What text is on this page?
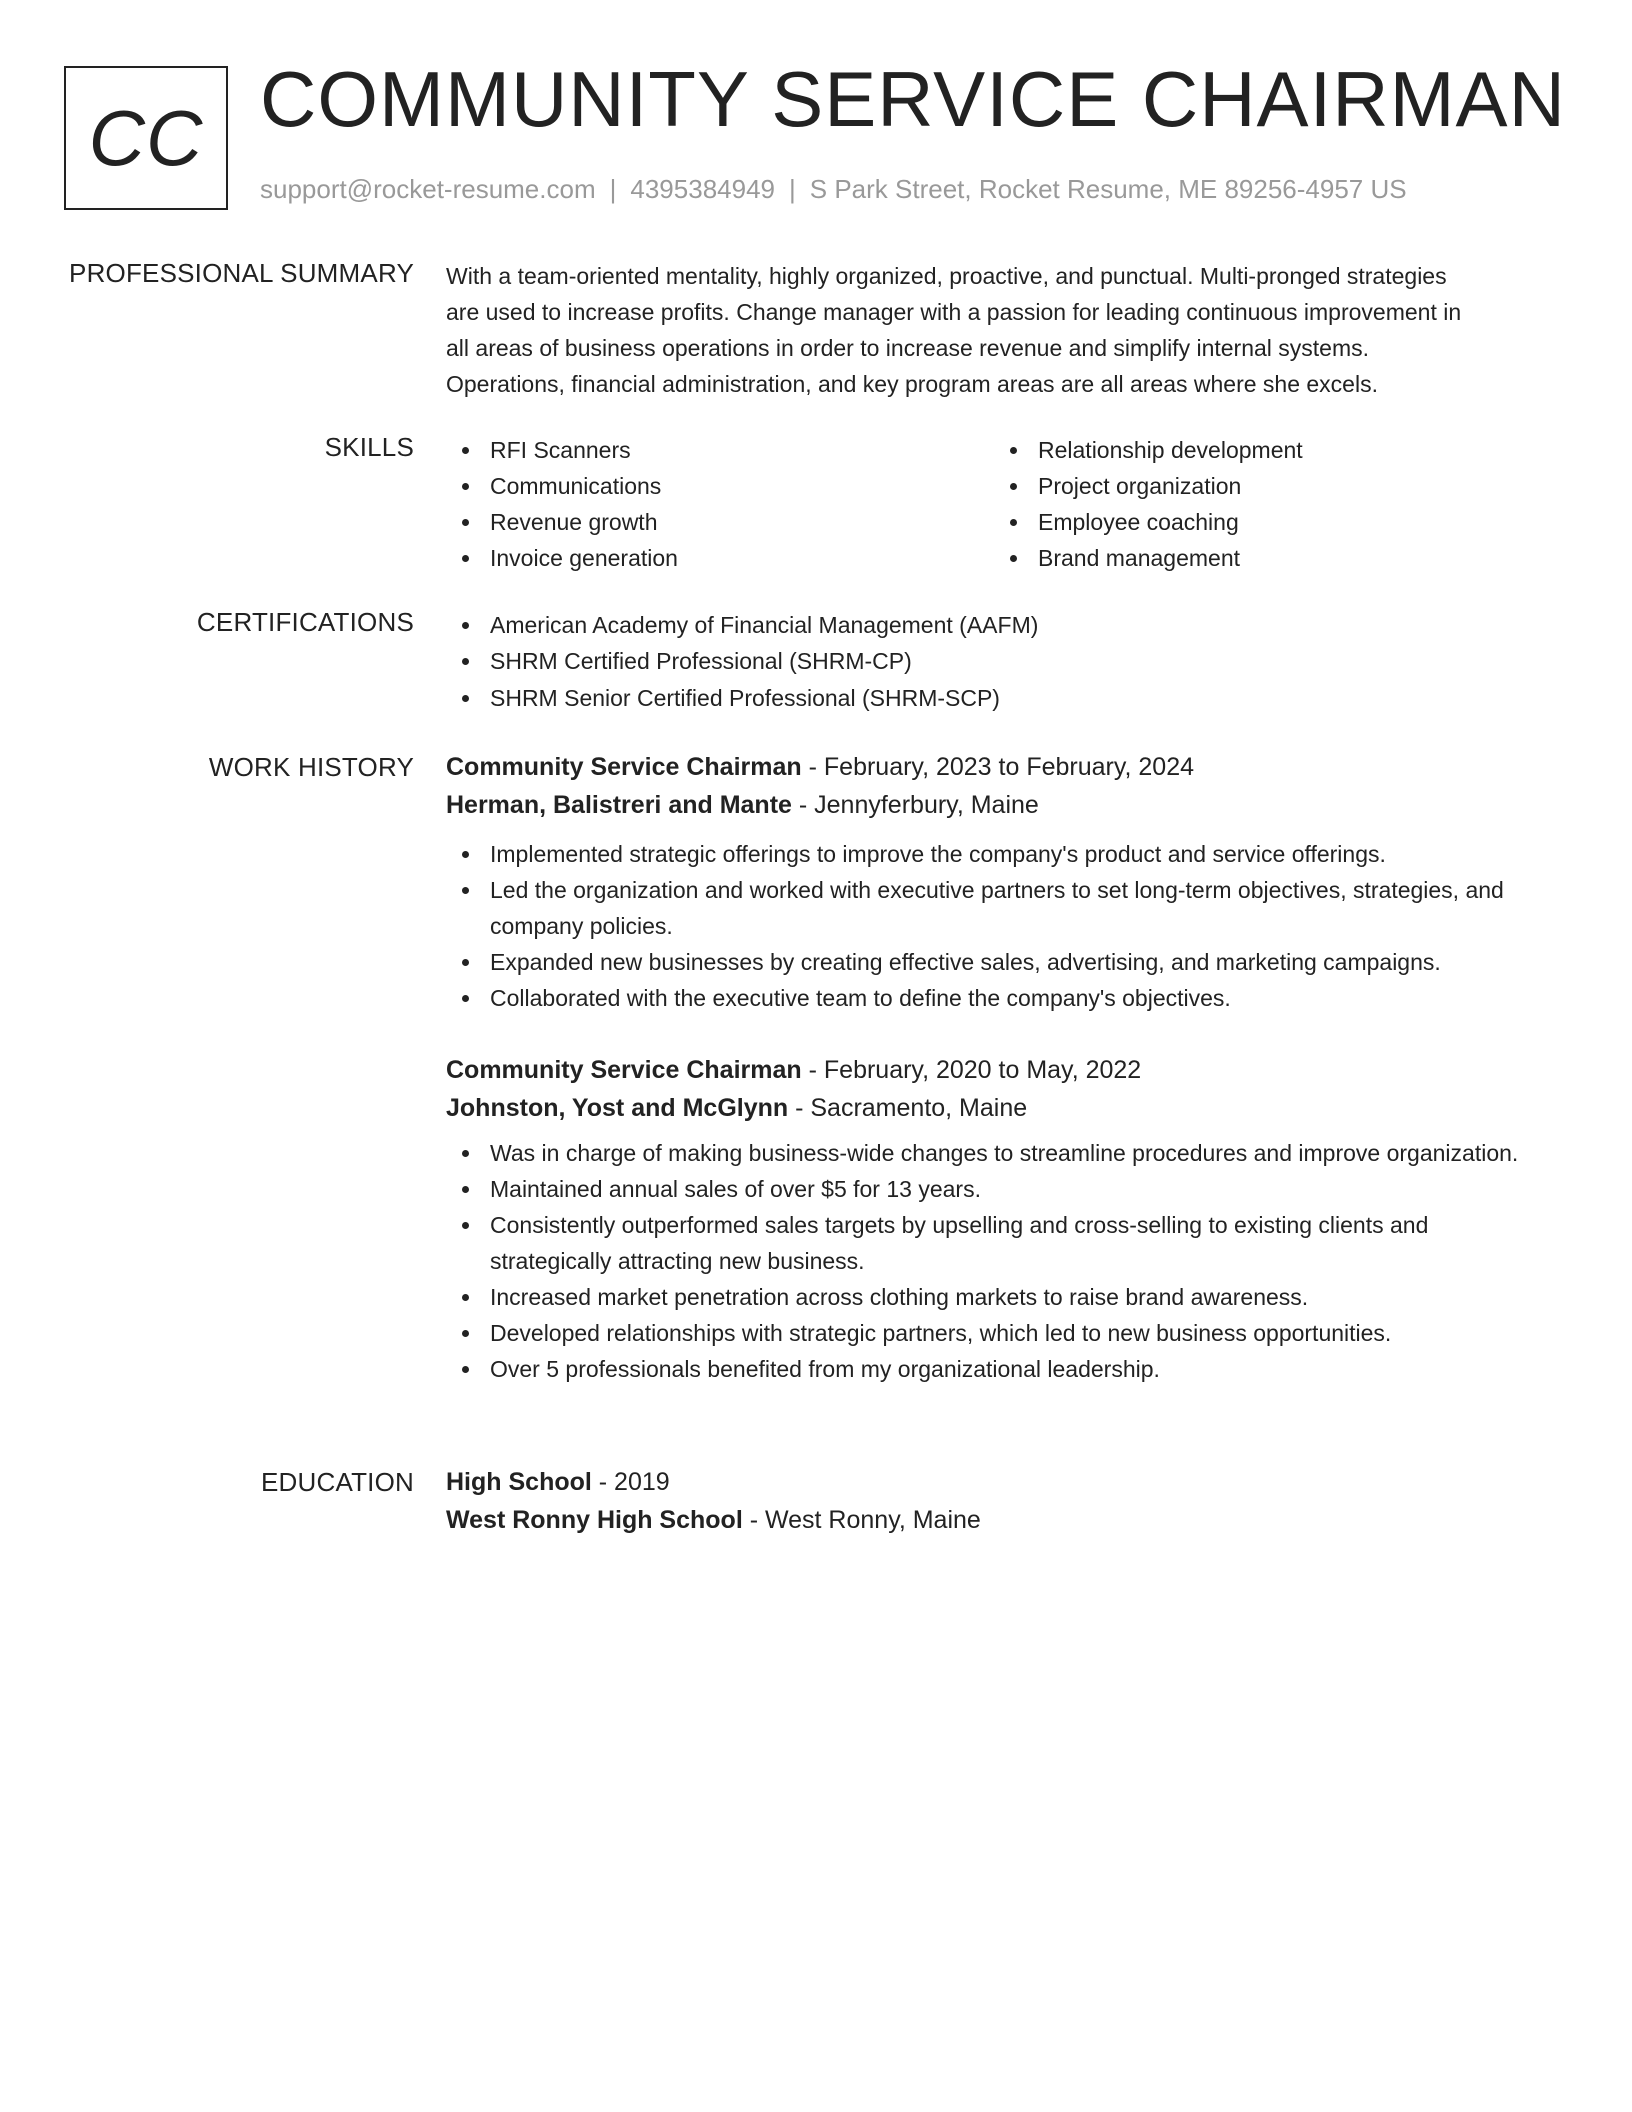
CC COMMUNITY SERVICE CHAIRMAN
support@rocket-resume.com | 4395384949 | S Park Street, Rocket Resume, ME 89256-4957 US
PROFESSIONAL SUMMARY With a team-oriented mentality, highly organized, proactive, and punctual. Multi-pronged strategies
are used to increase profits. Change manager with a passion for leading continuous improvement in
all areas of business operations in order to increase revenue and simplify internal systems.
Operations, financial administration, and key program areas are all areas where she excels.
SKILLS	RFI Scanners
Communications
Revenue growth
Invoice generation
Relationship development
Project organization
Employee coaching
Brand management
CERTIFICATIONS	American Academy of Financial Management (AAFM)
SHRM Certified Professional (SHRM-CP)
SHRM Senior Certified Professional (SHRM-SCP)
WORK HISTORY Community Service Chairman - February, 2023 to February, 2024
Herman, Balistreri and Mante - Jennyferbury, Maine
Implemented strategic offerings to improve the company's product and service offerings.
Led the organization and worked with executive partners to set long-term objectives, strategies, and company policies.
Expanded new businesses by creating effective sales, advertising, and marketing campaigns.
Collaborated with the executive team to define the company's objectives.
Community Service Chairman - February, 2020 to May, 2022
Johnston, Yost and McGlynn - Sacramento, Maine
Was in charge of making business-wide changes to streamline procedures and improve organization.
Maintained annual sales of over $5 for 13 years.
Consistently outperformed sales targets by upselling and cross-selling to existing clients and strategically attracting new business.
Increased market penetration across clothing markets to raise brand awareness.
Developed relationships with strategic partners, which led to new business opportunities.
Over 5 professionals benefited from my organizational leadership.
EDUCATION High School - 2019
West Ronny High School - West Ronny, Maine
